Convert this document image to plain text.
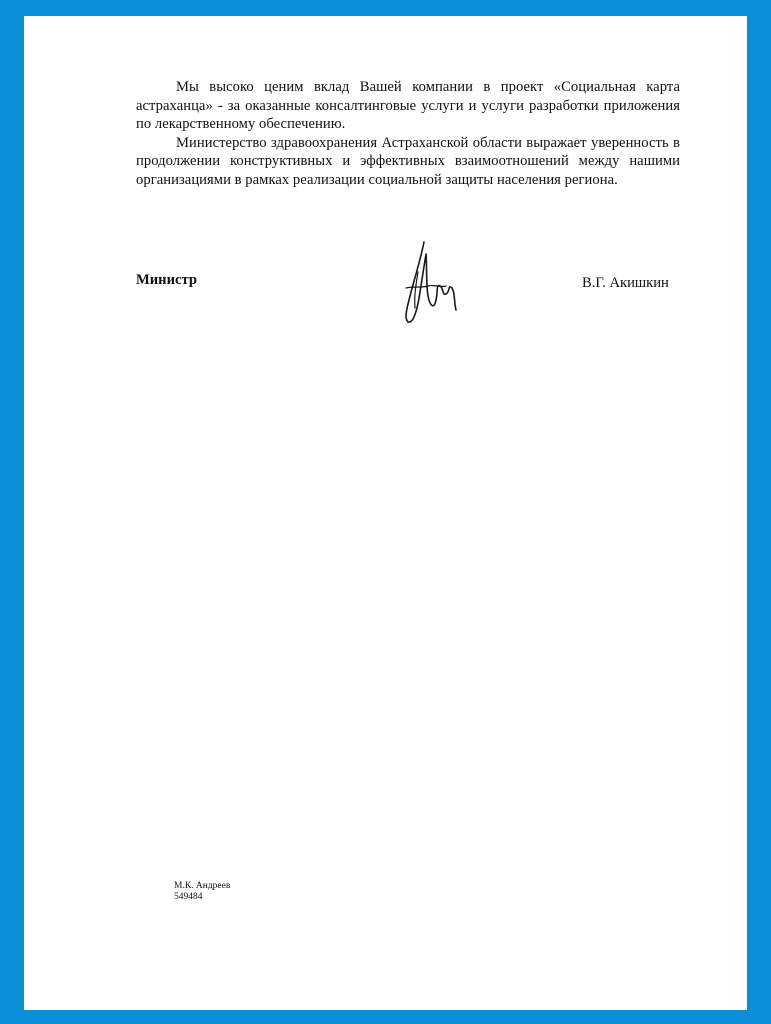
Мы высоко ценим вклад Вашей компании в проект «Социальная карта астраханца» - за оказанные консалтинговые услуги и услуги разработки приложения по лекарственному обеспечению.

Министерство здравоохранения Астраханской области выражает уверенность в продолжении конструктивных и эффективных взаимоотношений между нашими организациями в рамках реализации социальной защиты населения региона.

Министр	В.Г. Акишкин
М.К. Андреев
549484
